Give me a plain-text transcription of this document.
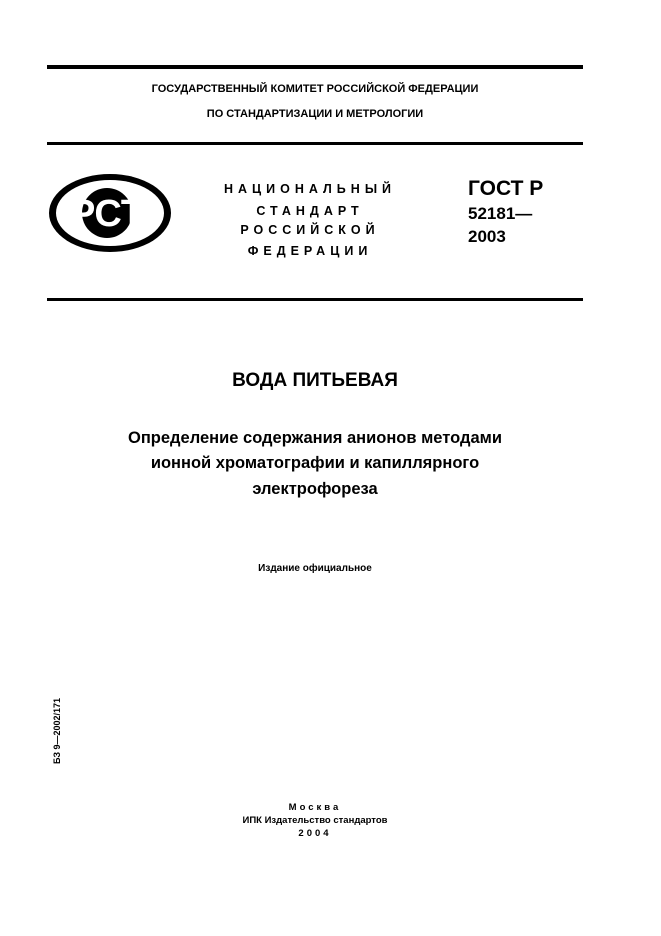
ГОСУДАРСТВЕННЫЙ КОМИТЕТ РОССИЙСКОЙ ФЕДЕРАЦИИ
ПО СТАНДАРТИЗАЦИИ И МЕТРОЛОГИИ
РСТ
НАЦИОНАЛЬНЫЙ
СТАНДАРТ
РОССИЙСКОЙ
ФЕДЕРАЦИИ
ГОСТ Р
52181—
2003
ВОДА ПИТЬЕВАЯ
Определение содержания анионов методами
ионной хроматографии и капиллярного
электрофореза
Издание официальное
БЗ 9—2002/171
Москва
ИПК Издательство стандартов
2004
